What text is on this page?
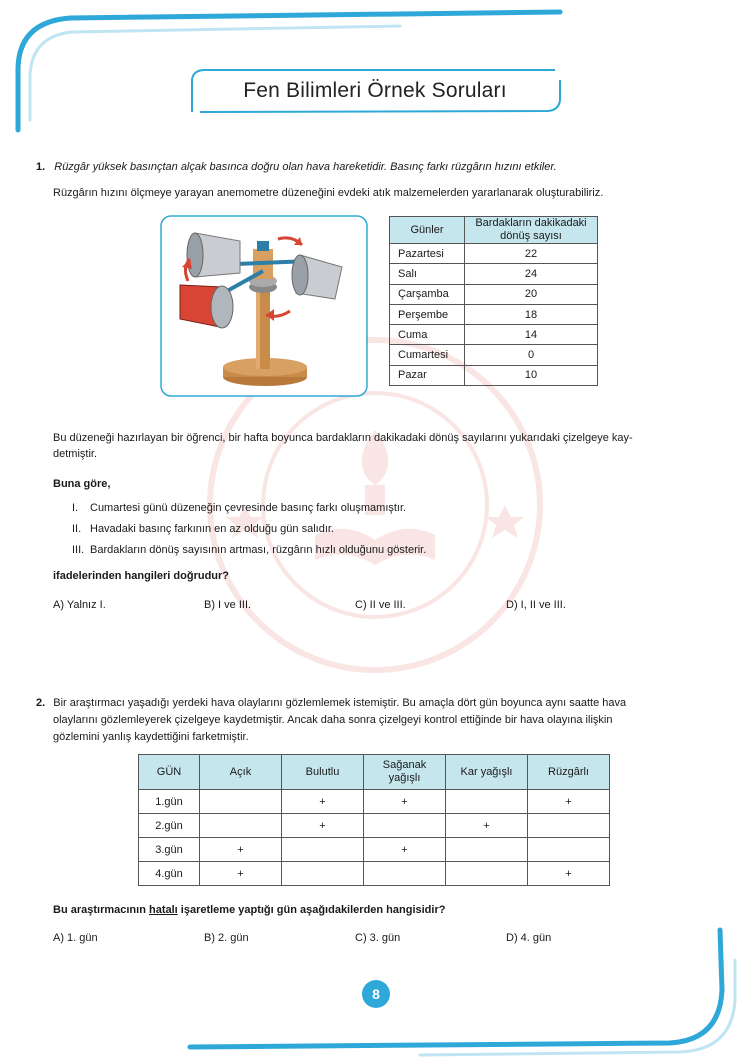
Fen Bilimleri Örnek Soruları

1. Rüzgâr yüksek basınçtan alçak basınca doğru olan hava hareketidir. Basınç farkı rüzgârın hızını etkiler.

Rüzgârın hızını ölçmeye yarayan anemometre düzeneğini evdeki atık malzemelerden yararlanarak oluşturabiliriz.

Günler	Bardakların dakikadaki dönüş sayısı
Pazartesi	22
Salı	24
Çarşamba	20
Perşembe	18
Cuma	14
Cumartesi	0
Pazar	10

Bu düzeneği hazırlayan bir öğrenci, bir hafta boyunca bardakların dakikadaki dönüş sayılarını yukarıdaki çizelgeye kay-

detmiştir.

Buna göre,

I. Cumartesi günü düzeneğin çevresinde basınç farkı oluşmamıştır.

II. Havadaki basınç farkının en az olduğu gün salıdır.

III. Bardakların dönüş sayısının artması, rüzgârın hızlı olduğunu gösterir.

ifadelerinden hangileri doğrudur?

A) Yalnız I.	B) I ve III.	C) II ve III.	D) I, II ve III.

2. Bir araştırmacı yaşadığı yerdeki hava olaylarını gözlemlemek istemiştir. Bu amaçla dört gün boyunca aynı saatte hava

olaylarını gözlemleyerek çizelgeye kaydetmiştir. Ancak daha sonra çizelgeyi kontrol ettiğinde bir hava olayına ilişkin

gözlemini yanlış kaydettiğini farketmiştir.

GÜN	Açık	Bulutlu	Sağanak yağışlı	Kar yağışlı	Rüzgârlı
1.gün		+	+		+
2.gün		+		+	
3.gün	+		+		
4.gün	+				+

Bu araştırmacının hatalı işaretleme yaptığı gün aşağıdakilerden hangisidir?

A) 1. gün	B) 2. gün	C) 3. gün	D) 4. gün
8
